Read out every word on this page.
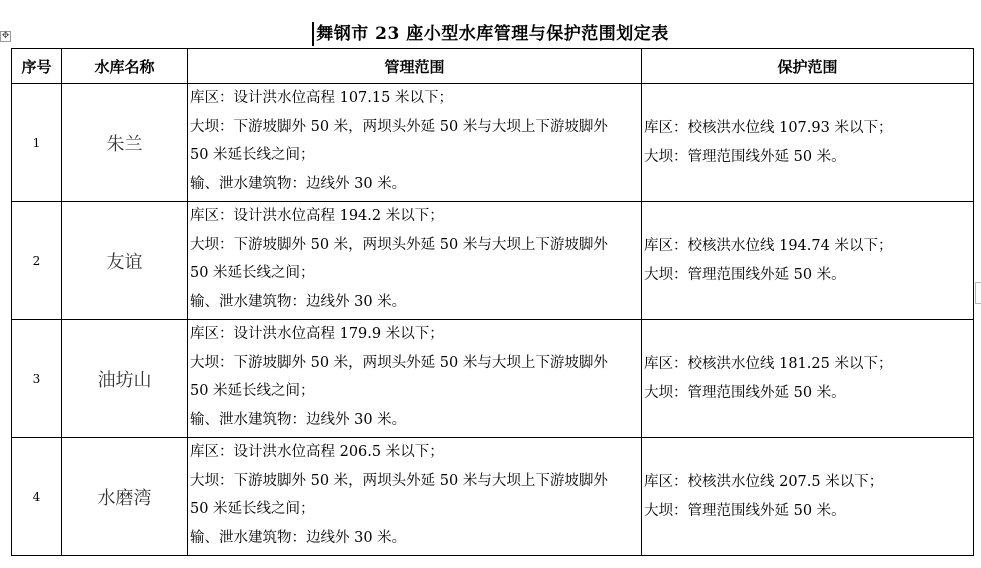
✥	舞钢市 23 座小型水库管理与保护范围划定表
序号	水库名称	管理范围	保护范围
1	朱兰	库区：设计洪水位高程 107.15 米以下；
大坝：下游坡脚外 50 米，两坝头外延 50 米与大坝上下游坡脚外
50 米延长线之间；
输、泄水建筑物：边线外 30 米。	库区：校核洪水位线 107.93 米以下；
大坝：管理范围线外延 50 米。

2	友谊	库区：设计洪水位高程 194.2 米以下；
大坝：下游坡脚外 50 米，两坝头外延 50 米与大坝上下游坡脚外
50 米延长线之间；
输、泄水建筑物：边线外 30 米。	库区：校核洪水位线 194.74 米以下；
大坝：管理范围线外延 50 米。

3	油坊山	库区：设计洪水位高程 179.9 米以下；
大坝：下游坡脚外 50 米，两坝头外延 50 米与大坝上下游坡脚外
50 米延长线之间；
输、泄水建筑物：边线外 30 米。	库区：校核洪水位线 181.25 米以下；
大坝：管理范围线外延 50 米。

4	水磨湾	库区：设计洪水位高程 206.5 米以下；
大坝：下游坡脚外 50 米，两坝头外延 50 米与大坝上下游坡脚外
50 米延长线之间；
输、泄水建筑物：边线外 30 米。	库区：校核洪水位线 207.5 米以下；
大坝：管理范围线外延 50 米。
